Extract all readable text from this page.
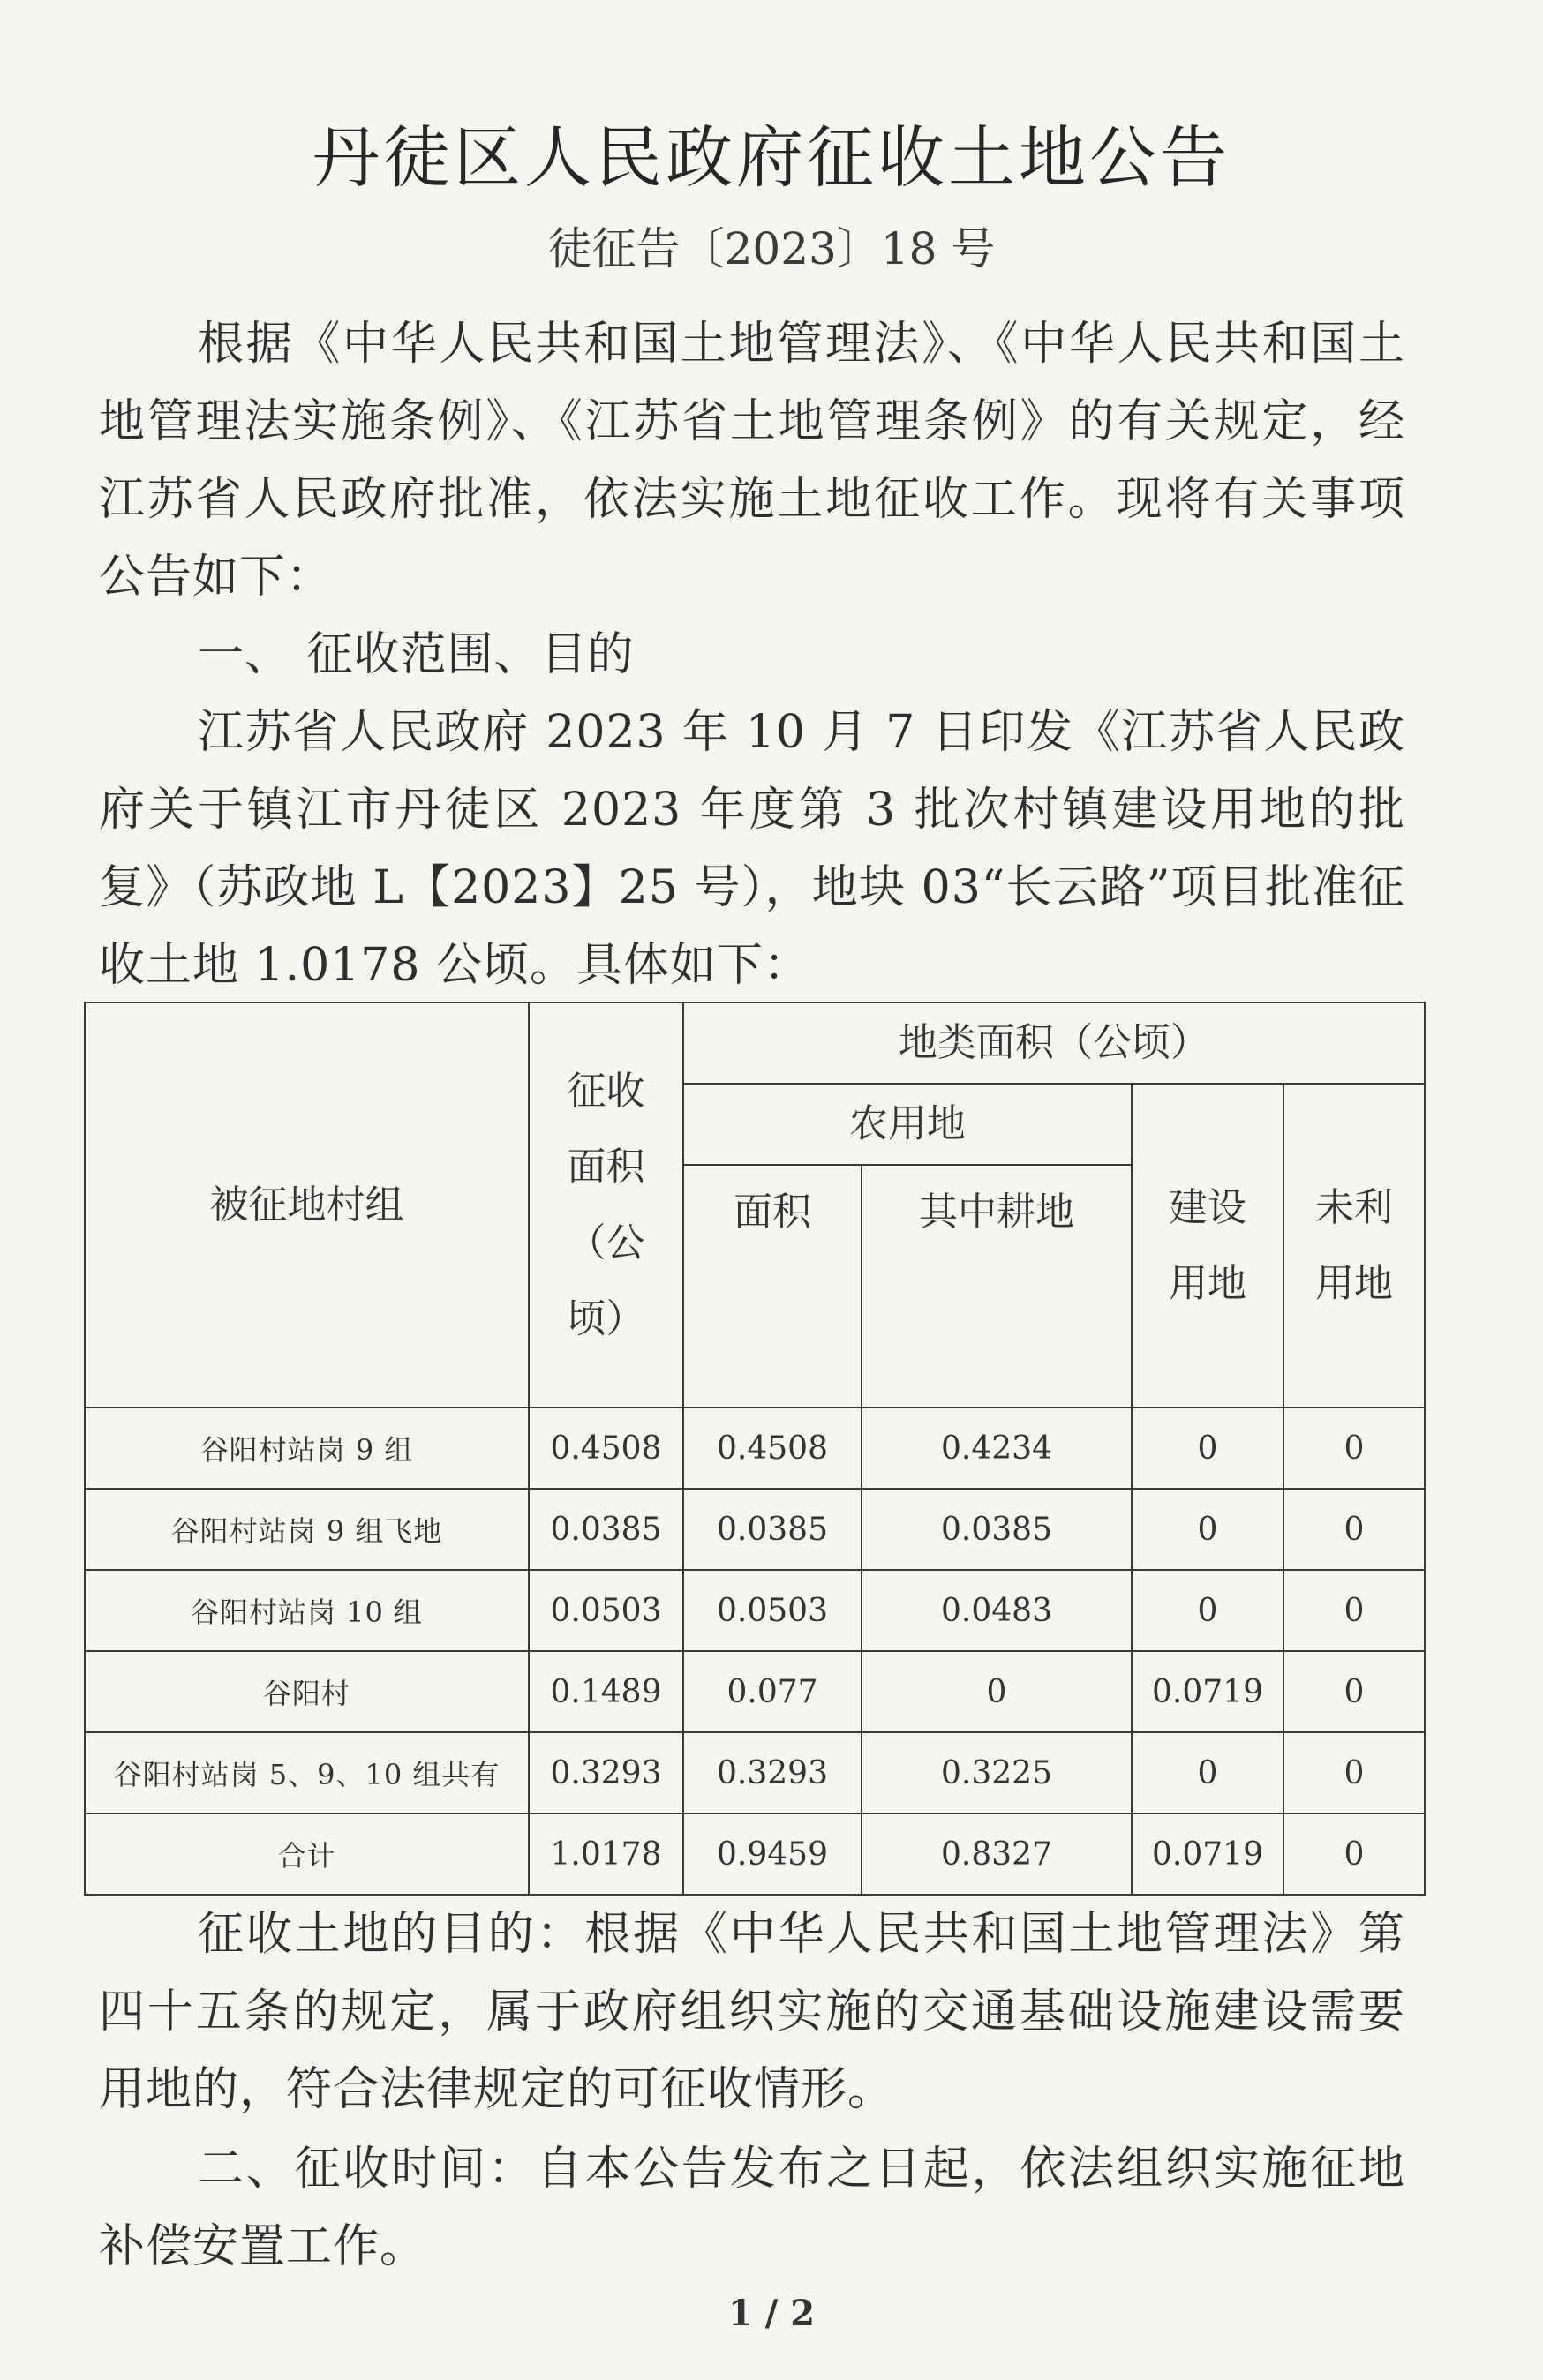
丹徒区人民政府征收土地公告
徒征告〔2023〕18 号
根据《中华人民共和国土地管理法》、《中华人民共和国土地管理法实施条例》、《江苏省土地管理条例》的有关规定，经江苏省人民政府批准，依法实施土地征收工作。现将有关事项公告如下：
一、 征收范围、目的
江苏省人民政府 2023 年 10 月 7 日印发《江苏省人民政府关于镇江市丹徒区 2023 年度第 3 批次村镇建设用地的批复》（苏政地 L【2023】25 号），地块 03“长云路”项目批准征收土地 1.0178 公顷。具体如下：
被征地村组	征收面积（公顷）	地类面积（公顷）			
		农用地		建设用地	未利用地

		面积	其中耕地		
谷阳村站岗 9 组	0.4508	0.4508	0.4234	0	0
谷阳村站岗 9 组飞地	0.0385	0.0385	0.0385	0	0
谷阳村站岗 10 组	0.0503	0.0503	0.0483	0	0
谷阳村	0.1489	0.077	0	0.0719	0
谷阳村站岗 5、9、10 组共有	0.3293	0.3293	0.3225	0	0
合计	1.0178	0.9459	0.8327	0.0719	0
征收土地的目的：根据《中华人民共和国土地管理法》第四十五条的规定，属于政府组织实施的交通基础设施建设需要用地的，符合法律规定的可征收情形。
二、征收时间：自本公告发布之日起，依法组织实施征地补偿安置工作。
1 / 2
